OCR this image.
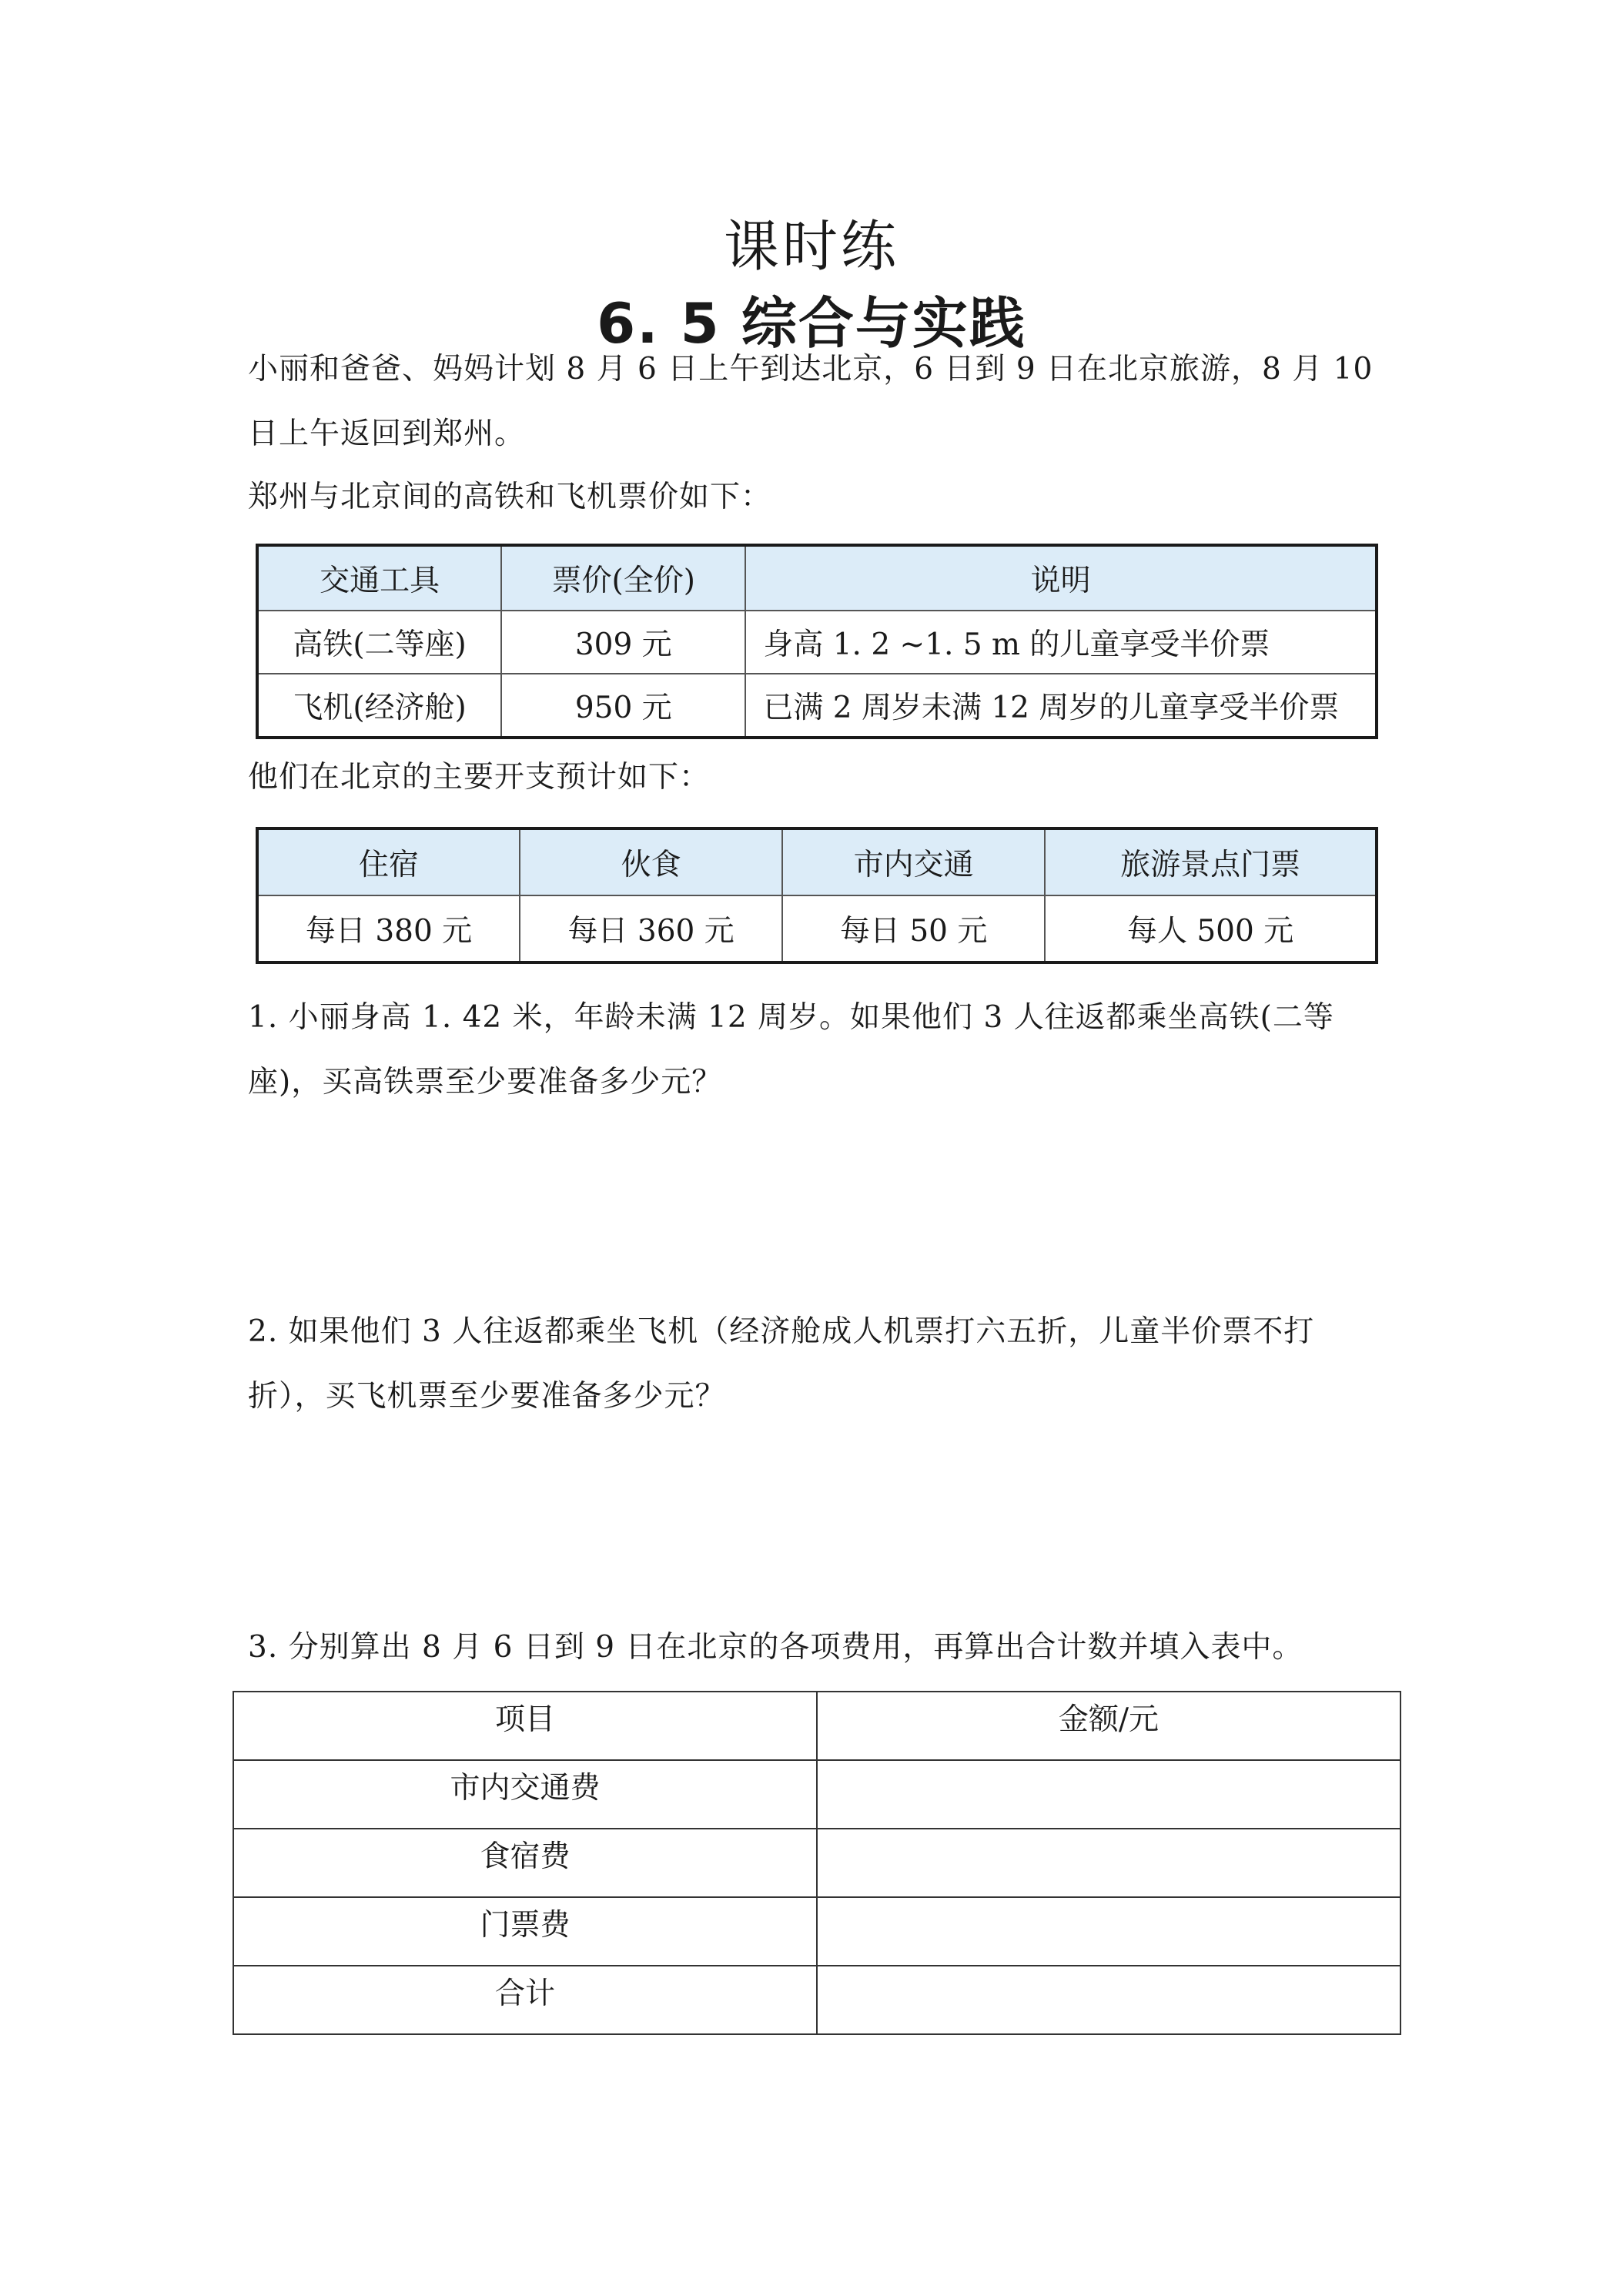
课时练
6. 5 综合与实践
小丽和爸爸、妈妈计划 8 月 6 日上午到达北京，6 日到 9 日在北京旅游，8 月 10 日上午返回到郑州。
郑州与北京间的高铁和飞机票价如下：
交通工具	票价(全价)	说明
高铁(二等座)	309 元	身高 1. 2 ~1. 5 m 的儿童享受半价票
飞机(经济舱)	950 元	已满 2 周岁未满 12 周岁的儿童享受半价票
他们在北京的主要开支预计如下：
住宿	伙食	市内交通	旅游景点门票
每日 380 元	每日 360 元	每日 50 元	每人 500 元
1. 小丽身高 1. 42 米，年龄未满 12 周岁。如果他们 3 人往返都乘坐高铁(二等座)，买高铁票至少要准备多少元？
2. 如果他们 3 人往返都乘坐飞机（经济舱成人机票打六五折，儿童半价票不打折），买飞机票至少要准备多少元？
3. 分别算出 8 月 6 日到 9 日在北京的各项费用，再算出合计数并填入表中。
项目	金额/元
市内交通费	
食宿费	
门票费	
合计	
